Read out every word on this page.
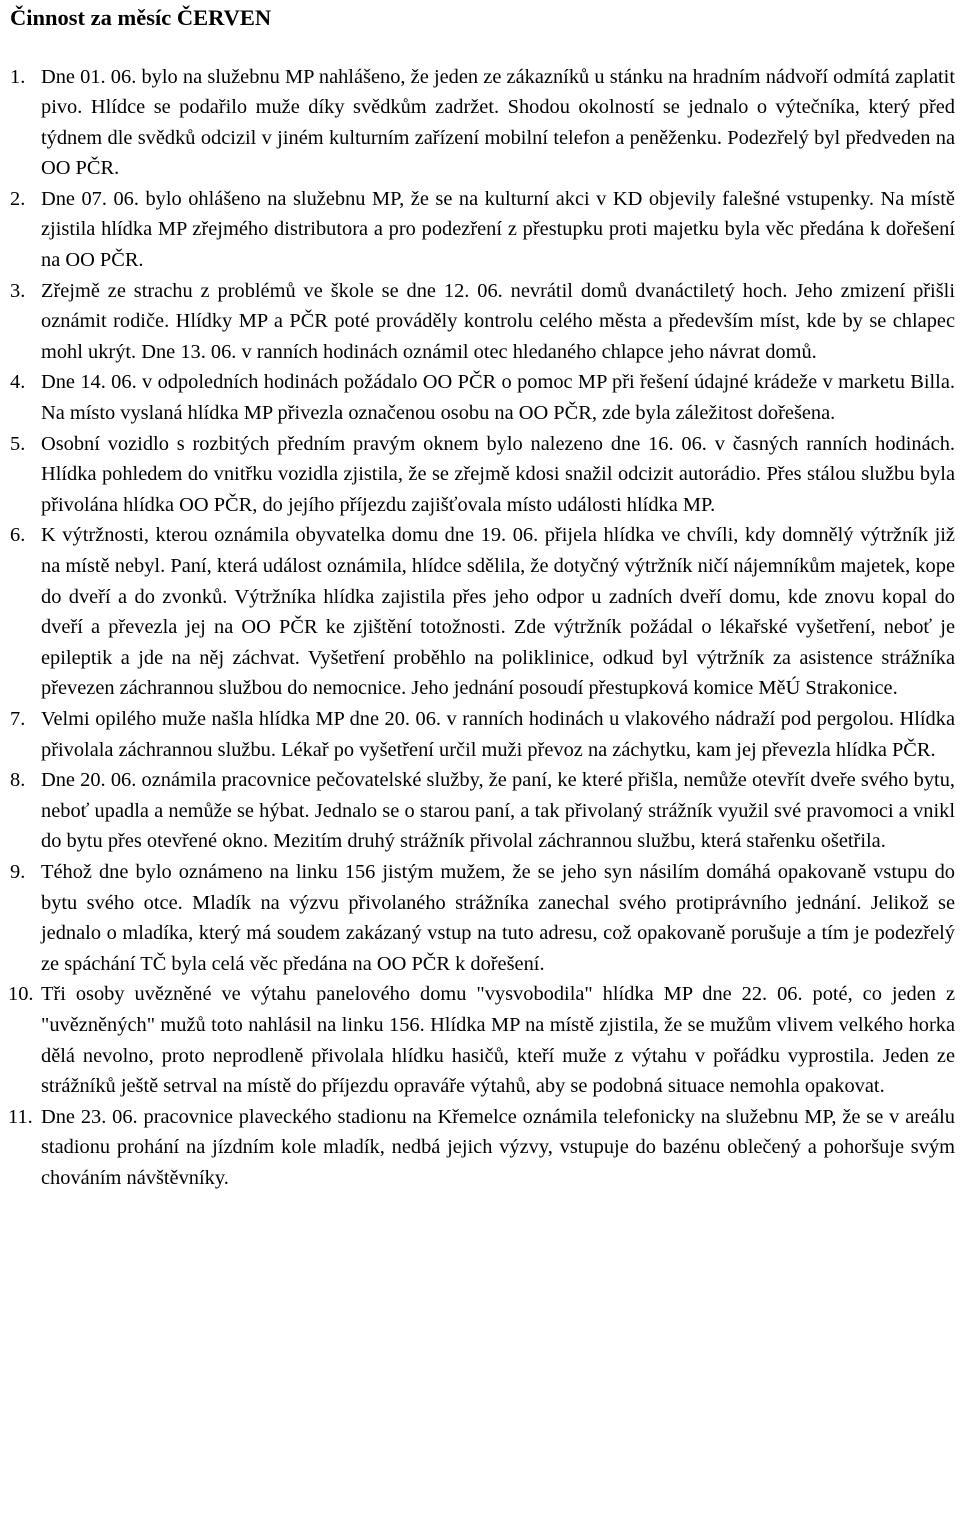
Činnost za měsíc ČERVEN
1. Dne 01. 06. bylo na služebnu MP nahlášeno, že jeden ze zákazníků u stánku na hradním nádvoří odmítá zaplatit pivo. Hlídce se podařilo muže díky svědkům zadržet. Shodou okolností se jednalo o výtečníka, který před týdnem dle svědků odcizil v jiném kulturním zařízení mobilní telefon a peněženku. Podezřelý byl předveden na OO PČR.
2. Dne 07. 06. bylo ohlášeno na služebnu MP, že se na kulturní akci v KD objevily falešné vstupenky. Na místě zjistila hlídka MP zřejmého distributora a pro podezření z přestupku proti majetku byla věc předána k dořešení na OO PČR.
3. Zřejmě ze strachu z problémů ve škole se dne 12. 06. nevrátil domů dvanáctiletý hoch. Jeho zmizení přišli oznámit rodiče. Hlídky MP a PČR poté prováděly kontrolu celého města a především míst, kde by se chlapec mohl ukrýt. Dne 13. 06. v ranních hodinách oznámil otec hledaného chlapce jeho návrat domů.
4. Dne 14. 06. v odpoledních hodinách požádalo OO PČR o pomoc MP při řešení údajné krádeže v marketu Billa. Na místo vyslaná hlídka MP přivezla označenou osobu na OO PČR, zde byla záležitost dořešena.
5. Osobní vozidlo s rozbitých předním pravým oknem bylo nalezeno dne 16. 06. v časných ranních hodinách. Hlídka pohledem do vnitřku vozidla zjistila, že se zřejmě kdosi snažil odcizit autorádio. Přes stálou službu byla přivolána hlídka OO PČR, do jejího příjezdu zajišťovala místo události hlídka MP.
6. K výtržnosti, kterou oznámila obyvatelka domu dne 19. 06. přijela hlídka ve chvíli, kdy domnělý výtržník již na místě nebyl. Paní, která událost oznámila, hlídce sdělila, že dotyčný výtržník ničí nájemníkům majetek, kope do dveří a do zvonků. Výtržníka hlídka zajistila přes jeho odpor u zadních dveří domu, kde znovu kopal do dveří a převezla jej na OO PČR ke zjištění totožnosti. Zde výtržník požádal o lékařské vyšetření, neboť je epileptik a jde na něj záchvat. Vyšetření proběhlo na poliklinice, odkud byl výtržník za asistence strážníka převezen záchrannou službou do nemocnice. Jeho jednání posoudí přestupková komice MěÚ Strakonice.
7. Velmi opilého muže našla hlídka MP dne 20. 06. v ranních hodinách u vlakového nádraží pod pergolou. Hlídka přivolala záchrannou službu. Lékař po vyšetření určil muži převoz na záchytku, kam jej převezla hlídka PČR.
8. Dne 20. 06. oznámila pracovnice pečovatelské služby, že paní, ke které přišla, nemůže otevřít dveře svého bytu, neboť upadla a nemůže se hýbat. Jednalo se o starou paní, a tak přivolaný strážník využil své pravomoci a vnikl do bytu přes otevřené okno. Mezitím druhý strážník přivolal záchrannou službu, která stařenku ošetřila.
9. Téhož dne bylo oznámeno na linku 156 jistým mužem, že se jeho syn násilím domáhá opakovaně vstupu do bytu svého otce. Mladík na výzvu přivolaného strážníka zanechal svého protiprávního jednání. Jelikož se jednalo o mladíka, který má soudem zakázaný vstup na tuto adresu, což opakovaně porušuje a tím je podezřelý ze spáchání TČ byla celá věc předána na OO PČR k dořešení.
10. Tři osoby uvězněné ve výtahu panelového domu "vysvobodila" hlídka MP dne 22. 06. poté, co jeden z "uvězněných" mužů toto nahlásil na linku 156. Hlídka MP na místě zjistila, že se mužům vlivem velkého horka dělá nevolno, proto neprodleně přivolala hlídku hasičů, kteří muže z výtahu v pořádku vyprostila. Jeden ze strážníků ještě setrval na místě do příjezdu opraváře výtahů, aby se podobná situace nemohla opakovat.
11. Dne 23. 06. pracovnice plaveckého stadionu na Křemelce oznámila telefonicky na služebnu MP, že se v areálu stadionu prohání na jízdním kole mladík, nedbá jejich výzvy, vstupuje do bazénu oblečený a pohoršuje svým chováním návštěvníky.
